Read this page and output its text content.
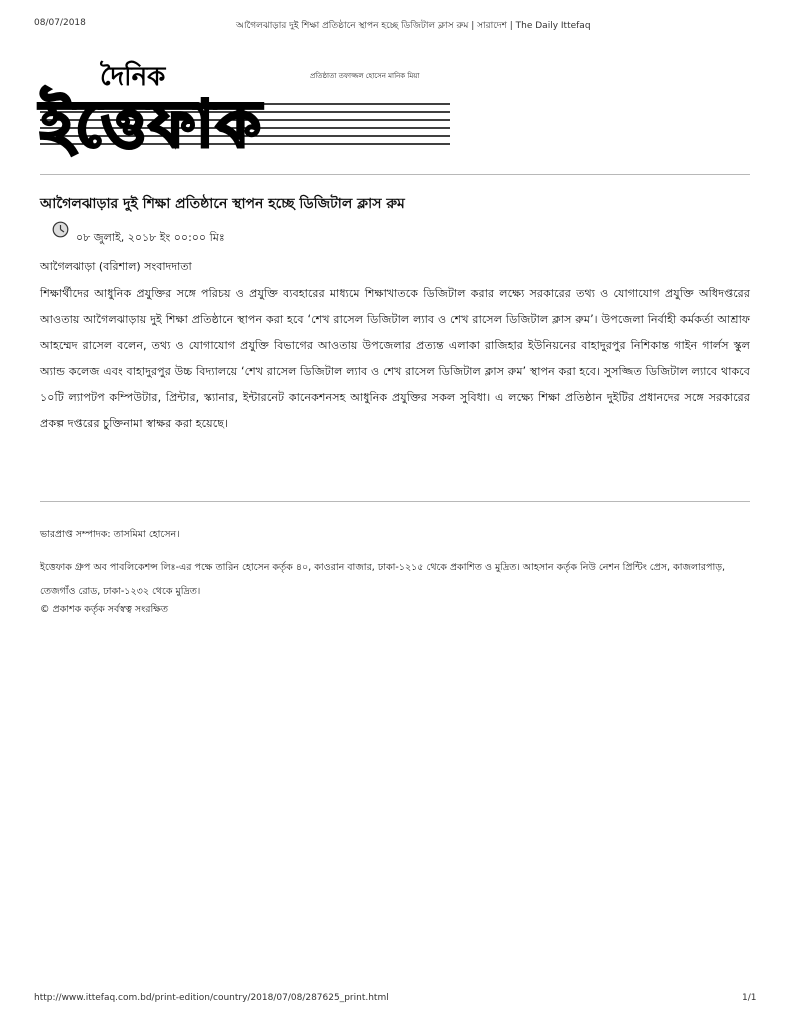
08/07/2018	আগৈলঝাড়ার দুই শিক্ষা প্রতিষ্ঠানে স্থাপন হচ্ছে ডিজিটাল ক্লাস রুম | সারাদেশ | The Daily Ittefaq
দৈনিক
ইত্তেফাক
প্রতিষ্ঠাতা তফাজ্জল হোসেন মানিক মিয়া
আগৈলঝাড়ার দুই শিক্ষা প্রতিষ্ঠানে স্থাপন হচ্ছে ডিজিটাল ক্লাস রুম
০৮ জুলাই, ২০১৮ ইং ০০:০০ মিঃ
আগৈলঝাড়া (বরিশাল) সংবাদদাতা
শিক্ষার্থীদের আধুনিক প্রযুক্তির সঙ্গে পরিচয় ও প্রযুক্তি ব্যবহারের মাধ্যমে শিক্ষাখাতকে ডিজিটাল করার লক্ষ্যে সরকারের তথ্য ও যোগাযোগ প্রযুক্তি অধিদপ্তরের আওতায় আগৈলঝাড়ায় দুই শিক্ষা প্রতিষ্ঠানে স্থাপন করা হবে ‘শেখ রাসেল ডিজিটাল ল্যাব ও শেখ রাসেল ডিজিটাল ক্লাস রুম’। উপজেলা নির্বাহী কর্মকর্তা আশ্রাফ আহম্মেদ রাসেল বলেন, তথ্য ও যোগাযোগ প্রযুক্তি বিভাগের আওতায় উপজেলার প্রত্যন্ত এলাকা রাজিহার ইউনিয়নের বাহাদুরপুর নিশিকান্ত গাইন গার্লস স্কুল অ্যান্ড কলেজ এবং বাহাদুরপুর উচ্চ বিদ্যালয়ে ‘শেখ রাসেল ডিজিটাল ল্যাব ও শেখ রাসেল ডিজিটাল ক্লাস রুম’ স্থাপন করা হবে। সুসজ্জিত ডিজিটাল ল্যাবে থাকবে ১০টি ল্যাপটপ কম্পিউটার, প্রিন্টার, স্ক্যানার, ইন্টারনেট কানেকশনসহ আধুনিক প্রযুক্তির সকল সুবিধা। এ লক্ষ্যে শিক্ষা প্রতিষ্ঠান দুইটির প্রধানদের সঙ্গে সরকারের প্রকল্প দপ্তরের চুক্তিনামা স্বাক্ষর করা হয়েছে।
ভারপ্রাপ্ত সম্পাদক: তাসমিমা হোসেন।
ইত্তেফাক গ্রুপ অব পাবলিকেশন্স লিঃ-এর পক্ষে তারিন হোসেন কর্তৃক ৪০, কাওরান বাজার, ঢাকা-১২১৫ থেকে প্রকাশিত ও মুদ্রিত। আহসান কর্তৃক নিউ নেশন প্রিন্টিং প্রেস, কাজলারপাড়, তেজগাঁও রোড, ঢাকা-১২৩২ থেকে মুদ্রিত।
© প্রকাশক কর্তৃক সর্বস্বত্ব সংরক্ষিত
http://www.ittefaq.com.bd/print-edition/country/2018/07/08/287625_print.html	1/1
